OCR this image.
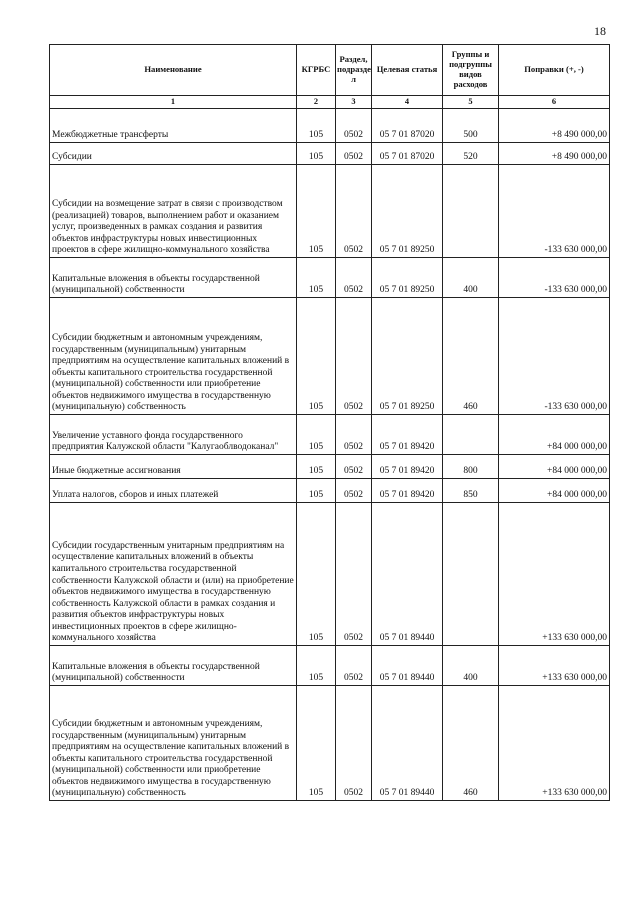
18
Наименование	КГРБС	Раздел, подразде л	Целевая статья	Группы и подгруппы видов расходов	Поправки (+, -)
1	2	3	4	5	6
Межбюджетные трансферты	105	0502	05 7 01 87020	500	+8 490 000,00
Субсидии	105	0502	05 7 01 87020	520	+8 490 000,00
Субсидии на возмещение затрат в связи с производством (реализацией) товаров, выполнением работ и оказанием услуг, произведенных в рамках создания и развития объектов инфраструктуры новых инвестиционных проектов в сфере жилищно-коммунального хозяйства	105	0502	05 7 01 89250		-133 630 000,00
Капитальные вложения в объекты государственной (муниципальной) собственности	105	0502	05 7 01 89250	400	-133 630 000,00
Субсидии бюджетным и автономным учреждениям, государственным (муниципальным) унитарным предприятиям на осуществление капитальных вложений в объекты капитального строительства государственной (муниципальной) собственности или приобретение объектов недвижимого имущества в государственную (муниципальную) собственность	105	0502	05 7 01 89250	460	-133 630 000,00
Увеличение уставного фонда государственного предприятия Калужской области "Калугаоблводоканал"	105	0502	05 7 01 89420		+84 000 000,00
Иные бюджетные ассигнования	105	0502	05 7 01 89420	800	+84 000 000,00
Уплата налогов, сборов и иных платежей	105	0502	05 7 01 89420	850	+84 000 000,00
Субсидии государственным унитарным предприятиям на осуществление капитальных вложений в объекты капитального строительства государственной собственности Калужской области и (или) на приобретение объектов недвижимого имущества в государственную собственность Калужской области в рамках создания и развития объектов инфраструктуры новых инвестиционных проектов в сфере жилищно-коммунального хозяйства	105	0502	05 7 01 89440		+133 630 000,00
Капитальные вложения в объекты государственной (муниципальной) собственности	105	0502	05 7 01 89440	400	+133 630 000,00
Субсидии бюджетным и автономным учреждениям, государственным (муниципальным) унитарным предприятиям на осуществление капитальных вложений в объекты капитального строительства государственной (муниципальной) собственности или приобретение объектов недвижимого имущества в государственную (муниципальную) собственность	105	0502	05 7 01 89440	460	+133 630 000,00
